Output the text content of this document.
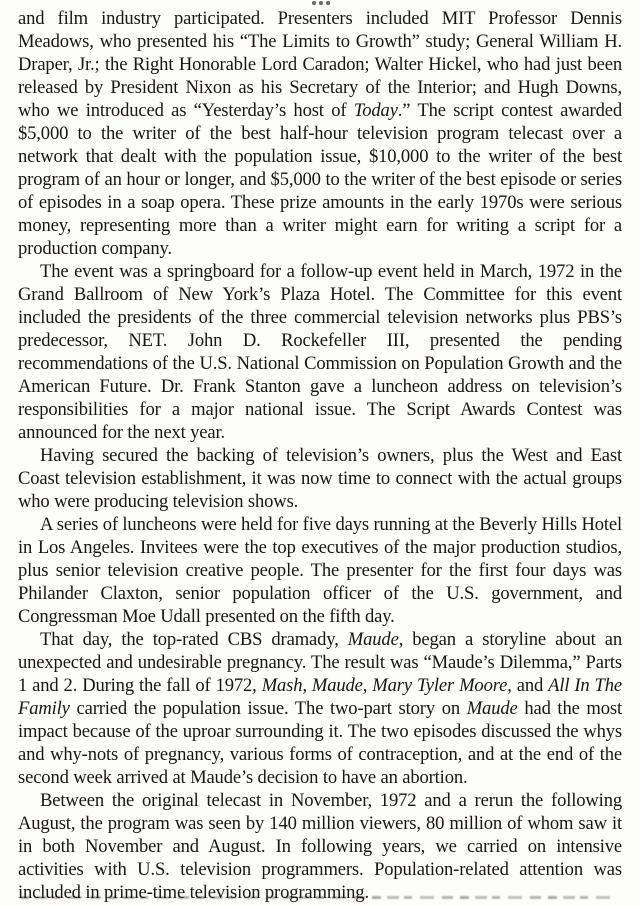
and film industry participated. Presenters included MIT Professor Dennis Meadows, who presented his “The Limits to Growth” study; General William H. Draper, Jr.; the Right Honorable Lord Caradon; Walter Hickel, who had just been released by President Nixon as his Secretary of the Interior; and Hugh Downs, who we introduced as “Yesterday’s host of Today.” The script contest awarded $5,000 to the writer of the best half-hour television program telecast over a network that dealt with the population issue, $10,000 to the writer of the best program of an hour or longer, and $5,000 to the writer of the best episode or series of episodes in a soap opera. These prize amounts in the early 1970s were serious money, representing more than a writer might earn for writing a script for a production company.

The event was a springboard for a follow-up event held in March, 1972 in the Grand Ballroom of New York’s Plaza Hotel. The Committee for this event included the presidents of the three commercial television networks plus PBS’s predecessor, NET. John D. Rockefeller III, presented the pending recommendations of the U.S. National Commission on Population Growth and the American Future. Dr. Frank Stanton gave a luncheon address on television’s responsibilities for a major national issue. The Script Awards Contest was announced for the next year.

Having secured the backing of television’s owners, plus the West and East Coast television establishment, it was now time to connect with the actual groups who were producing television shows.

A series of luncheons were held for five days running at the Beverly Hills Hotel in Los Angeles. Invitees were the top executives of the major production studios, plus senior television creative people. The presenter for the first four days was Philander Claxton, senior population officer of the U.S. government, and Congressman Moe Udall presented on the fifth day.

That day, the top-rated CBS dramady, Maude, began a storyline about an unexpected and undesirable pregnancy. The result was “Maude’s Dilemma,” Parts 1 and 2. During the fall of 1972, Mash, Maude, Mary Tyler Moore, and All In The Family carried the population issue. The two-part story on Maude had the most impact because of the uproar surrounding it. The two episodes discussed the whys and why-nots of pregnancy, various forms of contraception, and at the end of the second week arrived at Maude’s decision to have an abortion.

Between the original telecast in November, 1972 and a rerun the following August, the program was seen by 140 million viewers, 80 million of whom saw it in both November and August. In following years, we carried on intensive activities with U.S. television programmers. Population-related attention was included in prime-time television programming.
